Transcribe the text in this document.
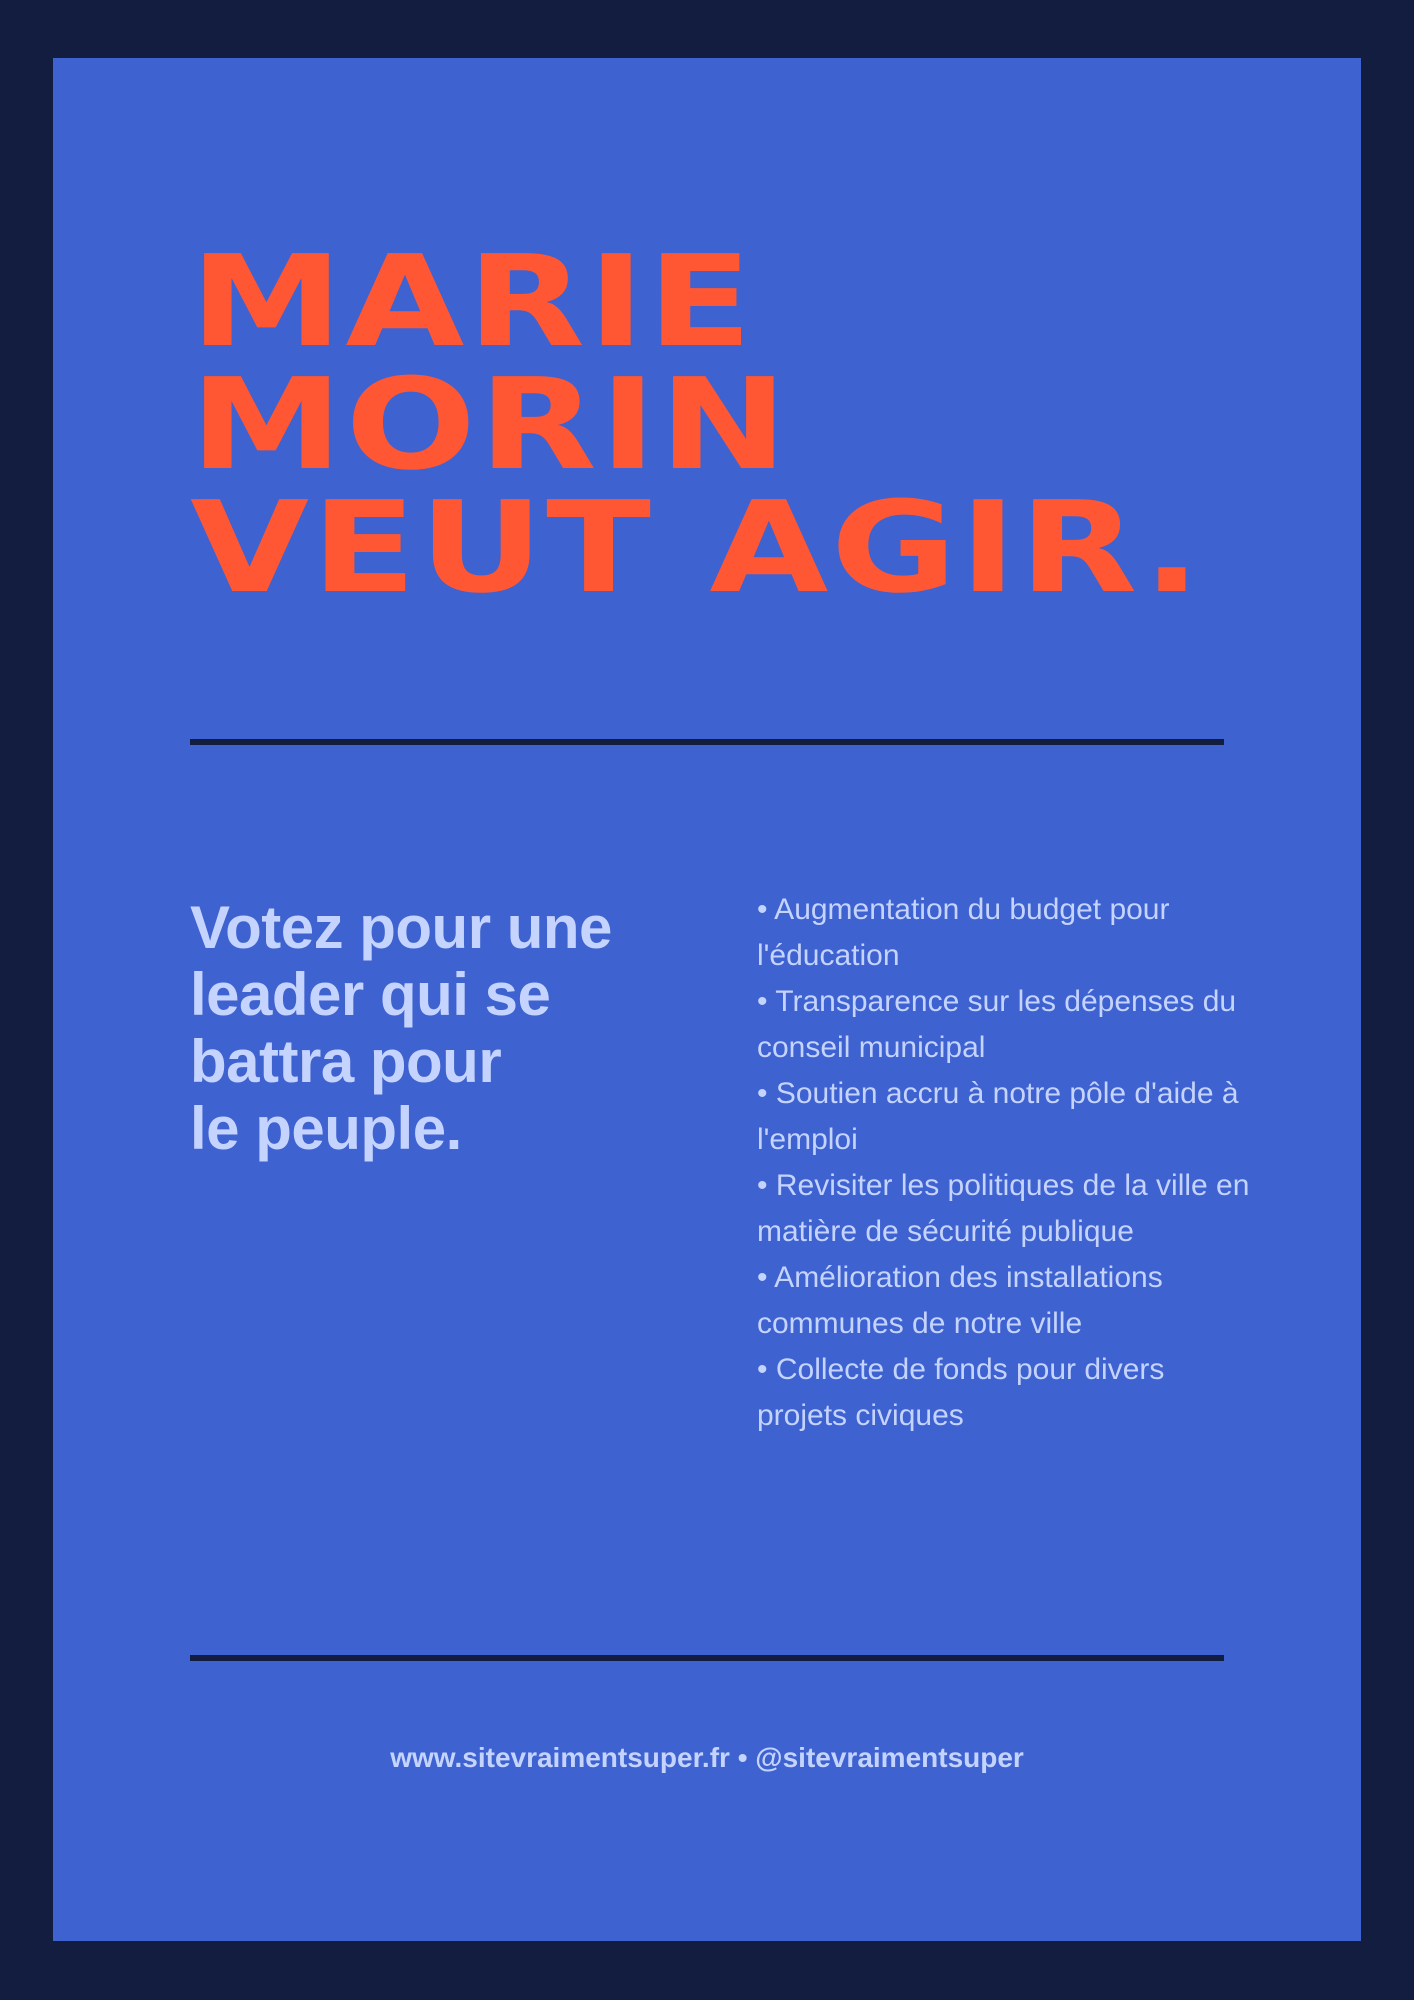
MARIE
MORIN
VEUT AGIR.
Votez pour une
leader qui se
battra pour
le peuple.
• Augmentation du budget pour l'éducation
• Transparence sur les dépenses du conseil municipal
• Soutien accru à notre pôle d'aide à l'emploi
• Revisiter les politiques de la ville en matière de sécurité publique
• Amélioration des installations communes de notre ville
• Collecte de fonds pour divers projets civiques
www.sitevraimentsuper.fr • @sitevraimentsuper
